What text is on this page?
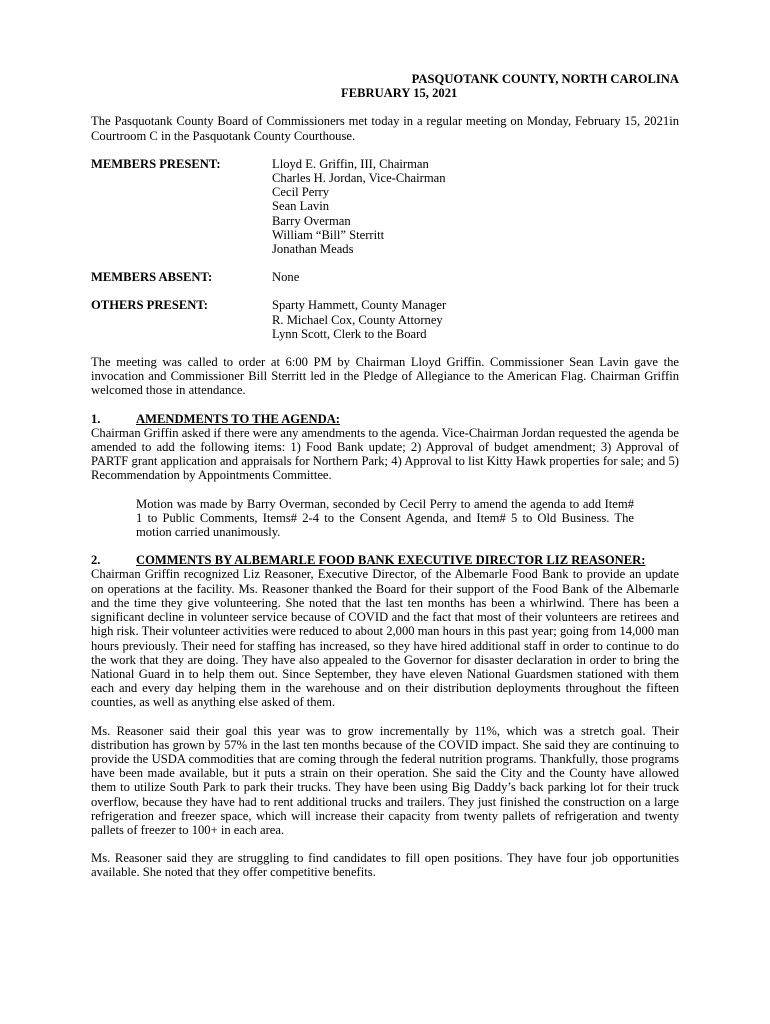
PASQUOTANK COUNTY, NORTH CAROLINA
FEBRUARY 15, 2021

The Pasquotank County Board of Commissioners met today in a regular meeting on Monday, February 15, 2021in Courtroom C in the Pasquotank County Courthouse.

MEMBERS PRESENT:	Lloyd E. Griffin, III, Chairman
Charles H. Jordan, Vice-Chairman
Cecil Perry
Sean Lavin
Barry Overman
William “Bill” Sterritt
Jonathan Meads
MEMBERS ABSENT:	None
OTHERS PRESENT:	Sparty Hammett, County Manager
R. Michael Cox, County Attorney
Lynn Scott, Clerk to the Board

The meeting was called to order at 6:00 PM by Chairman Lloyd Griffin. Commissioner Sean Lavin gave the invocation and Commissioner Bill Sterritt led in the Pledge of Allegiance to the American Flag. Chairman Griffin welcomed those in attendance.

1.	AMENDMENTS TO THE AGENDA:
Chairman Griffin asked if there were any amendments to the agenda. Vice-Chairman Jordan requested the agenda be amended to add the following items: 1) Food Bank update; 2) Approval of budget amendment; 3) Approval of PARTF grant application and appraisals for Northern Park; 4) Approval to list Kitty Hawk properties for sale; and 5) Recommendation by Appointments Committee.
Motion was made by Barry Overman, seconded by Cecil Perry to amend the agenda to add Item# 1 to Public Comments, Items# 2-4 to the Consent Agenda, and Item# 5 to Old Business. The motion carried unanimously.
2.	COMMENTS BY ALBEMARLE FOOD BANK EXECUTIVE DIRECTOR LIZ REASONER:
Chairman Griffin recognized Liz Reasoner, Executive Director, of the Albemarle Food Bank to provide an update on operations at the facility. Ms. Reasoner thanked the Board for their support of the Food Bank of the Albemarle and the time they give volunteering. She noted that the last ten months has been a whirlwind. There has been a significant decline in volunteer service because of COVID and the fact that most of their volunteers are retirees and high risk. Their volunteer activities were reduced to about 2,000 man hours in this past year; going from 14,000 man hours previously. Their need for staffing has increased, so they have hired additional staff in order to continue to do the work that they are doing. They have also appealed to the Governor for disaster declaration in order to bring the National Guard in to help them out. Since September, they have eleven National Guardsmen stationed with them each and every day helping them in the warehouse and on their distribution deployments throughout the fifteen counties, as well as anything else asked of them.
Ms. Reasoner said their goal this year was to grow incrementally by 11%, which was a stretch goal. Their distribution has grown by 57% in the last ten months because of the COVID impact. She said they are continuing to provide the USDA commodities that are coming through the federal nutrition programs. Thankfully, those programs have been made available, but it puts a strain on their operation. She said the City and the County have allowed them to utilize South Park to park their trucks. They have been using Big Daddy’s back parking lot for their truck overflow, because they have had to rent additional trucks and trailers. They just finished the construction on a large refrigeration and freezer space, which will increase their capacity from twenty pallets of refrigeration and twenty pallets of freezer to 100+ in each area.
Ms. Reasoner said they are struggling to find candidates to fill open positions. They have four job opportunities available. She noted that they offer competitive benefits.
